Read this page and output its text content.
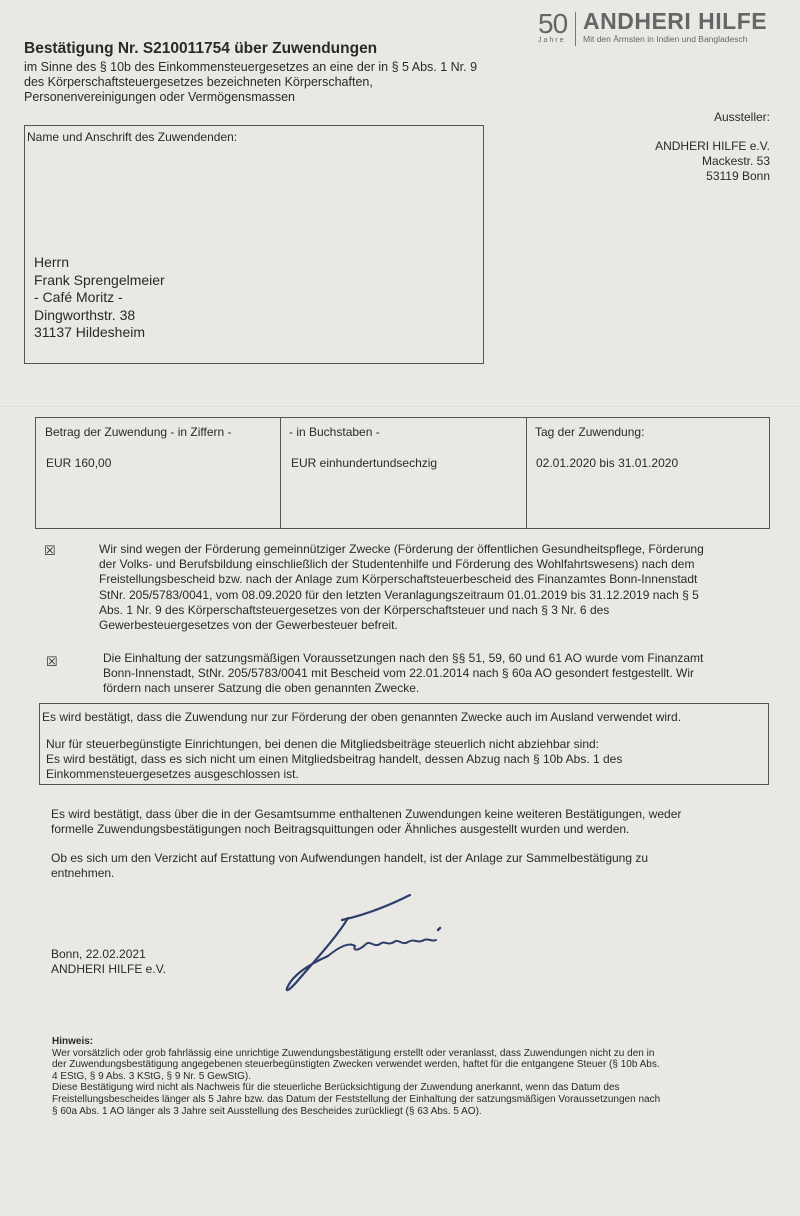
50
Jahre
ANDHERI HILFE
Mit den Ärmsten in Indien und Bangladesch
Bestätigung Nr. S210011754 über Zuwendungen
im Sinne des § 10b des Einkommensteuergesetzes an eine der in § 5 Abs. 1 Nr. 9
des Körperschaftsteuergesetzes bezeichneten Körperschaften,
Personenvereinigungen oder Vermögensmassen
Aussteller:
ANDHERI HILFE e.V.
Mackestr. 53
53119 Bonn
Name und Anschrift des Zuwendenden:
Herrn
Frank Sprengelmeier
- Café Moritz -
Dingworthstr. 38
31137 Hildesheim
Betrag der Zuwendung - in Ziffern -
EUR 160,00
- in Buchstaben -
EUR einhundertundsechzig
Tag der Zuwendung:
02.01.2020 bis 31.01.2020
☒	Wir sind wegen der Förderung gemeinnütziger Zwecke (Förderung der öffentlichen Gesundheitspflege, Förderung
der Volks- und Berufsbildung einschließlich der Studentenhilfe und Förderung des Wohlfahrtswesens) nach dem
Freistellungsbescheid bzw. nach der Anlage zum Körperschaftsteuerbescheid des Finanzamtes Bonn-Innenstadt
StNr. 205/5783/0041, vom 08.09.2020 für den letzten Veranlagungszeitraum 01.01.2019 bis 31.12.2019 nach § 5
Abs. 1 Nr. 9 des Körperschaftsteuergesetzes von der Körperschaftsteuer und nach § 3 Nr. 6 des
Gewerbesteuergesetzes von der Gewerbesteuer befreit.
☒	Die Einhaltung der satzungsmäßigen Voraussetzungen nach den §§ 51, 59, 60 und 61 AO wurde vom Finanzamt
Bonn-Innenstadt, StNr. 205/5783/0041 mit Bescheid vom 22.01.2014 nach § 60a AO gesondert festgestellt. Wir
fördern nach unserer Satzung die oben genannten Zwecke.
Es wird bestätigt, dass die Zuwendung nur zur Förderung der oben genannten Zwecke auch im Ausland verwendet wird.
Nur für steuerbegünstigte Einrichtungen, bei denen die Mitgliedsbeiträge steuerlich nicht abziehbar sind:
Es wird bestätigt, dass es sich nicht um einen Mitgliedsbeitrag handelt, dessen Abzug nach § 10b Abs. 1 des
Einkommensteuergesetzes ausgeschlossen ist.
Es wird bestätigt, dass über die in der Gesamtsumme enthaltenen Zuwendungen keine weiteren Bestätigungen, weder
formelle Zuwendungsbestätigungen noch Beitragsquittungen oder Ähnliches ausgestellt wurden und werden.
Ob es sich um den Verzicht auf Erstattung von Aufwendungen handelt, ist der Anlage zur Sammelbestätigung zu
entnehmen.
Bonn, 22.02.2021
ANDHERI HILFE e.V.
Hinweis:
Wer vorsätzlich oder grob fahrlässig eine unrichtige Zuwendungsbestätigung erstellt oder veranlasst, dass Zuwendungen nicht zu den in
der Zuwendungsbestätigung angegebenen steuerbegünstigten Zwecken verwendet werden, haftet für die entgangene Steuer (§ 10b Abs.
4 EStG, § 9 Abs. 3 KStG, § 9 Nr. 5 GewStG).
Diese Bestätigung wird nicht als Nachweis für die steuerliche Berücksichtigung der Zuwendung anerkannt, wenn das Datum des
Freistellungsbescheides länger als 5 Jahre bzw. das Datum der Feststellung der Einhaltung der satzungsmäßigen Voraussetzungen nach
§ 60a Abs. 1 AO länger als 3 Jahre seit Ausstellung des Bescheides zurückliegt (§ 63 Abs. 5 AO).
